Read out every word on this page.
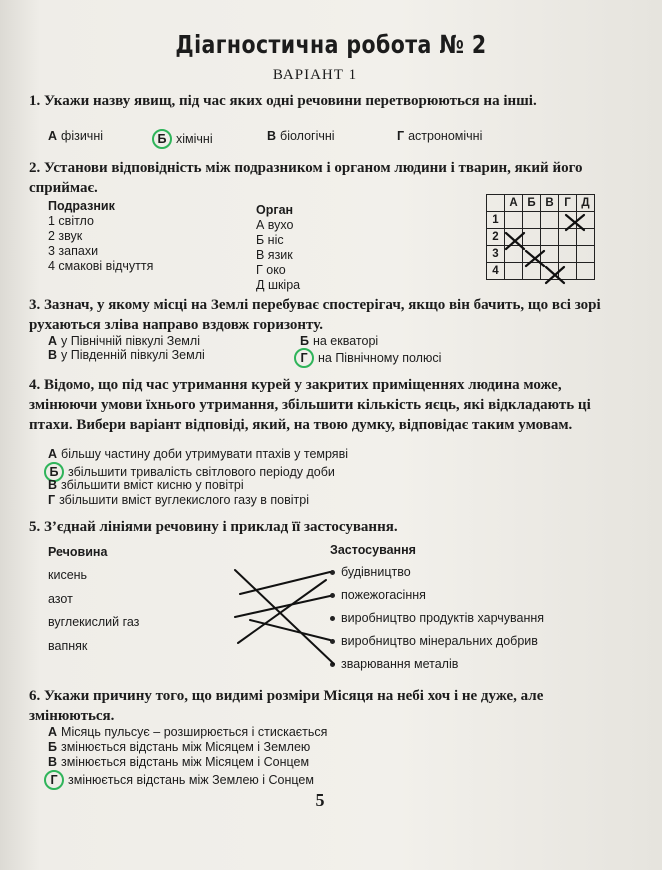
Діагностична робота № 2
ВАРІАНТ 1
1. Укажи назву явищ, під час яких одні речовини перетворюються на інші.
А фізичні	Б хімічні	В біологічні	Г астрономічні
2. Установи відповідність між подразником і органом людини і тварин, який його сприймає.
Подразник	Орган
1 світло
2 звук
3 запахи
4 смакові відчуття
А вухо
Б ніс
В язик
Г око
Д шкіра
	А	Б	В	Г	Д
1					
2					
3					
4					
3. Зазнач, у якому місці на Землі перебуває спостерігач, якщо він бачить, що всі зорі рухаються зліва направо вздовж горизонту.
А у Північній півкулі Землі	Б на екваторі
В у Південній півкулі Землі	Г на Північному полюсі
4. Відомо, що під час утримання курей у закритих приміщеннях людина може, змінюючи умови їхнього утримання, збільшити кількість яєць, які відкладають ці птахи. Вибери варіант відповіді, який, на твою думку, відповідає таким умовам.
А більшу частину доби утримувати птахів у темряві
Б збільшити тривалість світлового періоду доби
В збільшити вміст кисню у повітрі
Г збільшити вміст вуглекислого газу в повітрі
5. З’єднай лініями речовину і приклад її застосування.
Речовина	Застосування
кисень
азот
вуглекислий газ
вапняк
будівництво
пожежогасіння
виробництво продуктів харчування
виробництво мінеральних добрив
зварювання металів
6. Укажи причину того, що видимі розміри Місяця на небі хоч і не дуже, але змінюються.
А Місяць пульсує – розширюється і стискається
Б змінюється відстань між Місяцем і Землею
В змінюється відстань між Місяцем і Сонцем
Г змінюється відстань між Землею і Сонцем
5
